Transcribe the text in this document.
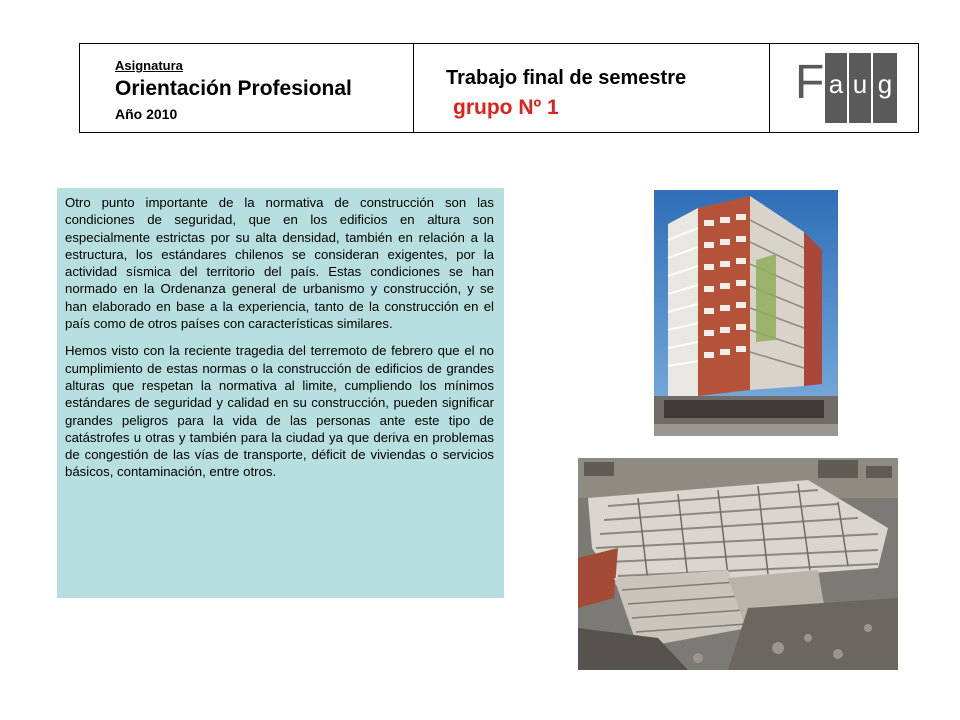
Asignatura
Orientación Profesional
Año 2010
Trabajo final de semestre
grupo Nº 1	F a u g

Otro punto importante de la normativa de construcción son las condiciones de seguridad, que en los edificios en altura son especialmente estrictas por su alta densidad, también en relación a la estructura, los estándares chilenos se consideran exigentes, por la actividad sísmica del territorio del país. Estas condiciones se han normado en la Ordenanza general de urbanismo y construcción, y se han elaborado en base a la experiencia, tanto de la construcción en el país como de otros países con características similares.

Hemos visto con la reciente tragedia del terremoto de febrero que el no cumplimiento de estas normas o la construcción de edificios de grandes alturas que respetan la normativa al limite, cumpliendo los mínimos estándares de seguridad y calidad en su construcción, pueden significar grandes peligros para la vida de las personas ante este tipo de catástrofes u otras y también para la ciudad ya que deriva en problemas de congestión de las vías de transporte, déficit de viviendas o servicios básicos, contaminación, entre otros.
